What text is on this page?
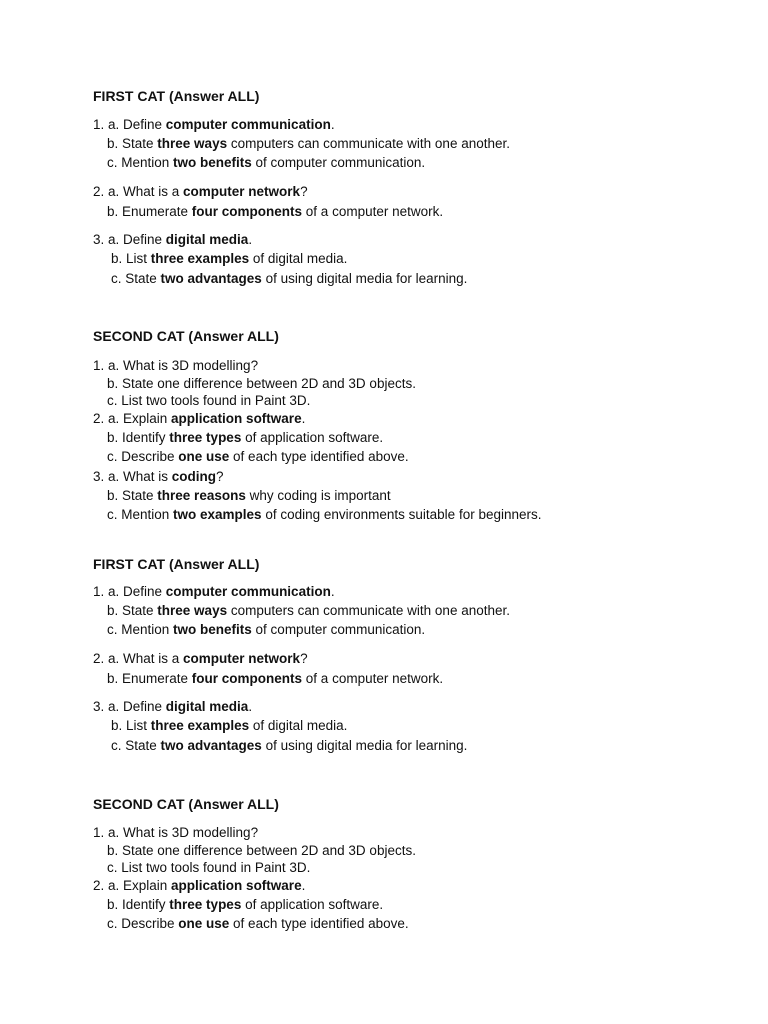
FIRST CAT (Answer ALL)
1. a. Define computer communication.
b. State three ways computers can communicate with one another.
c. Mention two benefits of computer communication.
2. a. What is a computer network?
b. Enumerate four components of a computer network.
3. a. Define digital media.
b. List three examples of digital media.
c. State two advantages of using digital media for learning.
SECOND CAT (Answer ALL)
1. a. What is 3D modelling?
b. State one difference between 2D and 3D objects.
c. List two tools found in Paint 3D.
2. a. Explain application software.
b. Identify three types of application software.
c. Describe one use of each type identified above.
3. a. What is coding?
b. State three reasons why coding is important
c. Mention two examples of coding environments suitable for beginners.
FIRST CAT (Answer ALL)
1. a. Define computer communication.
b. State three ways computers can communicate with one another.
c. Mention two benefits of computer communication.
2. a. What is a computer network?
b. Enumerate four components of a computer network.
3. a. Define digital media.
b. List three examples of digital media.
c. State two advantages of using digital media for learning.
SECOND CAT (Answer ALL)
1. a. What is 3D modelling?
b. State one difference between 2D and 3D objects.
c. List two tools found in Paint 3D.
2. a. Explain application software.
b. Identify three types of application software.
c. Describe one use of each type identified above.
